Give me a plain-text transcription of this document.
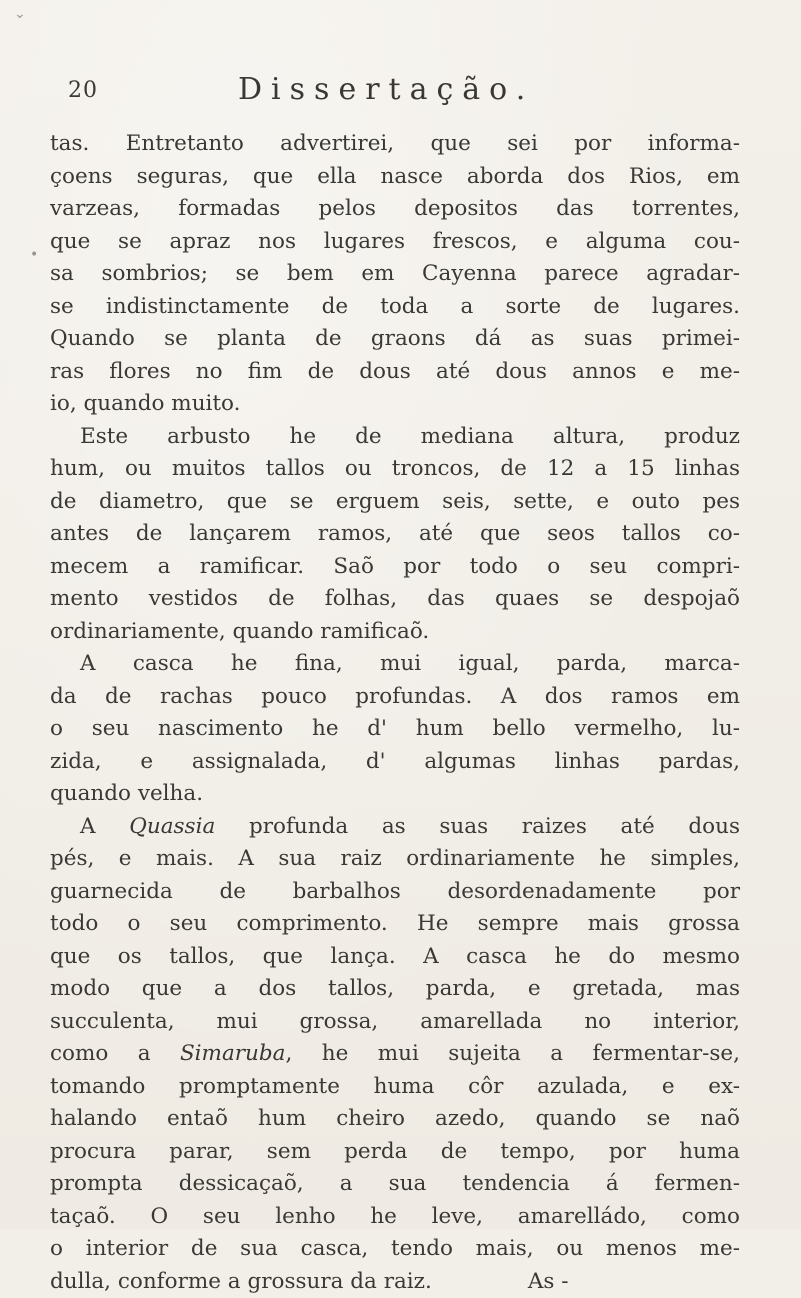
20	Dissertação.
tas. Entretanto advertirei, que sei por informa-
çoens seguras, que ella nasce aborda dos Rios, em
varzeas, formadas pelos depositos das torrentes,
que se apraz nos lugares frescos, e alguma cou-
sa sombrios; se bem em Cayenna parece agradar-
se indistinctamente de toda a sorte de lugares.
Quando se planta de graons dá as suas primei-
ras flores no fim de dous até dous annos e me-
io, quando muito.
Este arbusto he de mediana altura, produz
hum, ou muitos tallos ou troncos, de 12 a 15 linhas
de diametro, que se erguem seis, sette, e outo pes
antes de lançarem ramos, até que seos tallos co-
mecem a ramificar. Saõ por todo o seu compri-
mento vestidos de folhas, das quaes se despojaõ
ordinariamente, quando ramificaõ.
A casca he fina, mui igual, parda, marca-
da de rachas pouco profundas. A dos ramos em
o seu nascimento he d' hum bello vermelho, lu-
zida, e assignalada, d' algumas linhas pardas,
quando velha.
A Quassia profunda as suas raizes até dous
pés, e mais. A sua raiz ordinariamente he simples,
guarnecida de barbalhos desordenadamente por
todo o seu comprimento. He sempre mais grossa
que os tallos, que lança. A casca he do mesmo
modo que a dos tallos, parda, e gretada, mas
succulenta, mui grossa, amarellada no interior,
como a Simaruba, he mui sujeita a fermentar-se,
tomando promptamente huma côr azulada, e ex-
halando entaõ hum cheiro azedo, quando se naõ
procura parar, sem perda de tempo, por huma
prompta dessicaçaõ, a sua tendencia á fermen-
taçaõ. O seu lenho he leve, amarelládo, como
o interior de sua casca, tendo mais, ou menos me-
dulla, conforme a grossura da raiz.	As -
•
⌄
